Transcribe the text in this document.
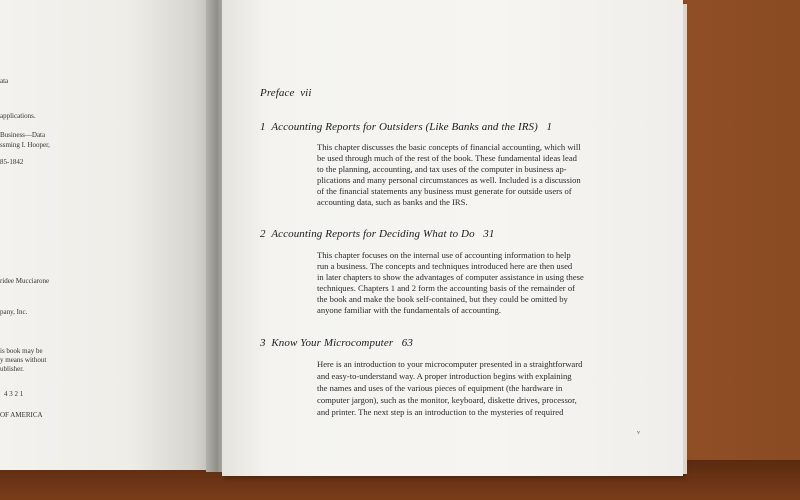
ata
applications.
Business—Data
ssming I. Hooper,
85-1842
ridee Mucciarone
pany, Inc.
is book may be
y means without
ublisher.
4 3 2 1
OF AMERICA
Preface vii
1 Accounting Reports for Outsiders (Like Banks and the IRS) 1
This chapter discusses the basic concepts of financial accounting, which will
be used through much of the rest of the book. These fundamental ideas lead
to the planning, accounting, and tax uses of the computer in business ap-
plications and many personal circumstances as well. Included is a discussion
of the financial statements any business must generate for outside users of
accounting data, such as banks and the IRS.
2 Accounting Reports for Deciding What to Do 31
This chapter focuses on the internal use of accounting information to help
run a business. The concepts and techniques introduced here are then used
in later chapters to show the advantages of computer assistance in using these
techniques. Chapters 1 and 2 form the accounting basis of the remainder of
the book and make the book self-contained, but they could be omitted by
anyone familiar with the fundamentals of accounting.
3 Know Your Microcomputer 63
Here is an introduction to your microcomputer presented in a straightforward
and easy-to-understand way. A proper introduction begins with explaining
the names and uses of the various pieces of equipment (the hardware in
computer jargon), such as the monitor, keyboard, diskette drives, processor,
and printer. The next step is an introduction to the mysteries of required
v
